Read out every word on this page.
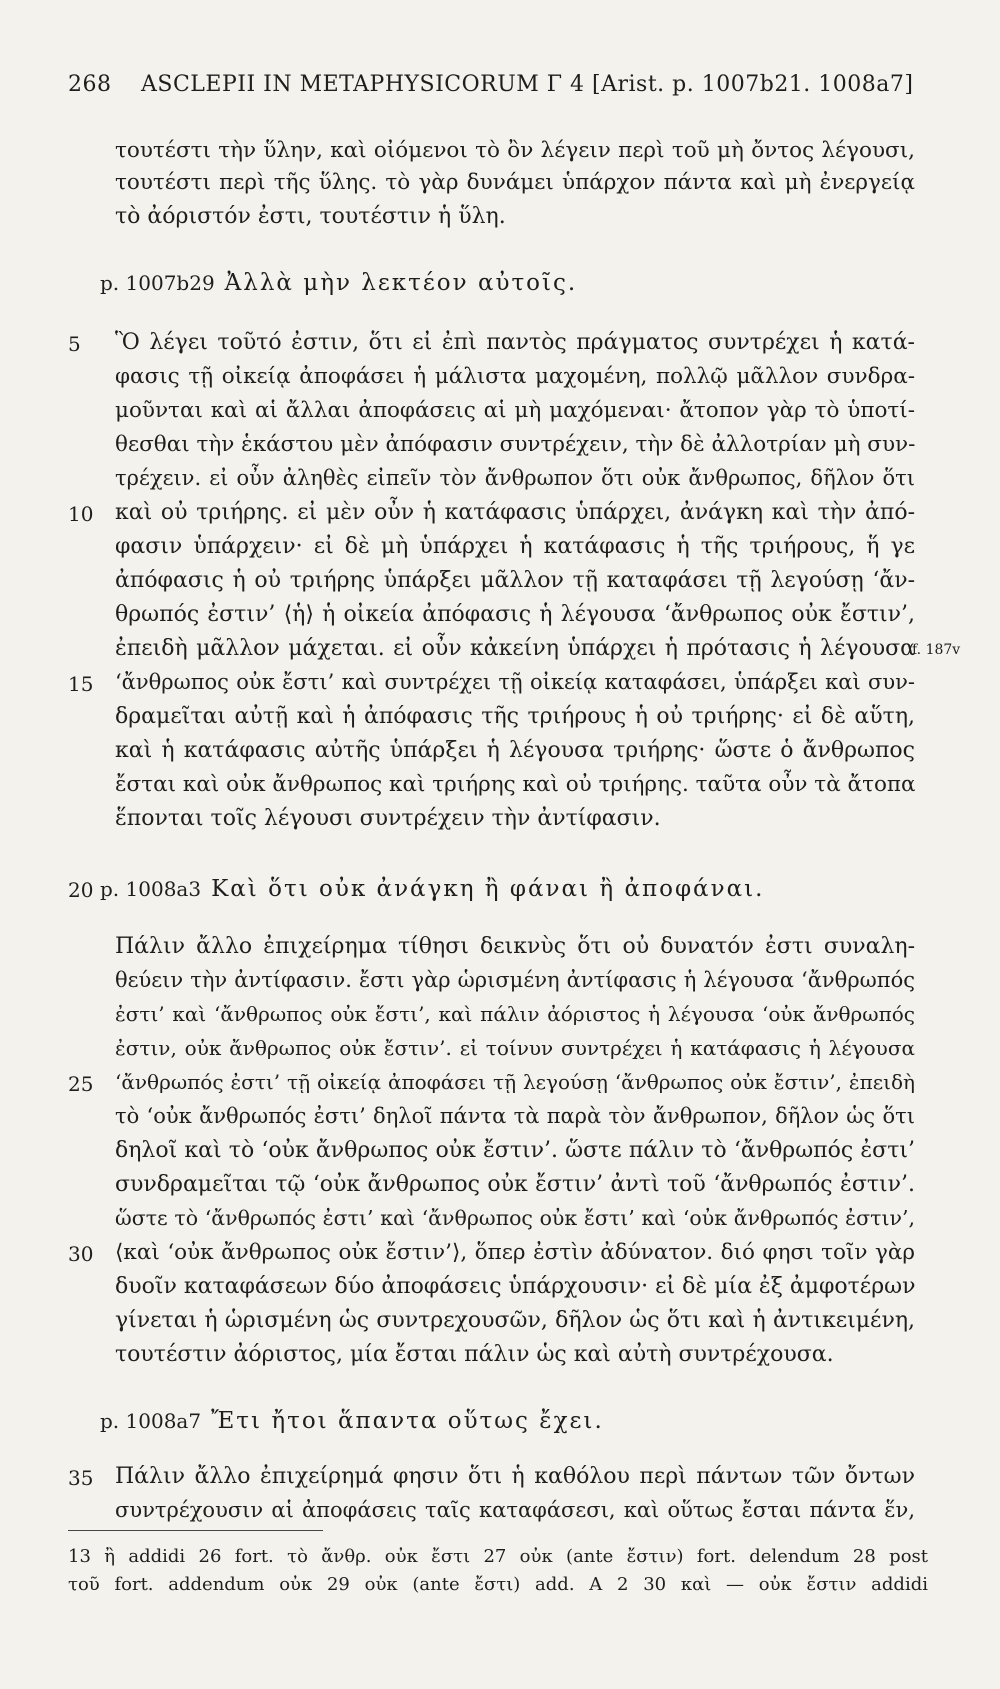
268 ASCLEPII IN METAPHYSICORUM Γ 4 [Arist. p. 1007b21. 1008a7]
τουτέστι τὴν ὕλην, καὶ οἰόμενοι τὸ ὂν λέγειν περὶ τοῦ μὴ ὄντος λέγουσι,
τουτέστι περὶ τῆς ὕλης. τὸ γὰρ δυνάμει ὑπάρχον πάντα καὶ μὴ ἐνεργείᾳ
τὸ ἀόριστόν ἐστι, τουτέστιν ἡ ὕλη.
p. 1007b29 Ἀλλὰ μὴν λεκτέον αὐτοῖς.
5	Ὃ λέγει τοῦτό ἐστιν, ὅτι εἰ ἐπὶ παντὸς πράγματος συντρέχει ἡ κατά-
φασις τῇ οἰκείᾳ ἀποφάσει ἡ μάλιστα μαχομένη, πολλῷ μᾶλλον συνδρα-
μοῦνται καὶ αἱ ἄλλαι ἀποφάσεις αἱ μὴ μαχόμεναι· ἄτοπον γὰρ τὸ ὑποτί-
θεσθαι τὴν ἑκάστου μὲν ἀπόφασιν συντρέχειν, τὴν δὲ ἀλλοτρίαν μὴ συν-
τρέχειν. εἰ οὖν ἀληθὲς εἰπεῖν τὸν ἄνθρωπον ὅτι οὐκ ἄνθρωπος, δῆλον ὅτι
10 καὶ οὐ τριήρης. εἰ μὲν οὖν ἡ κατάφασις ὑπάρχει, ἀνάγκη καὶ τὴν ἀπό-
φασιν ὑπάρχειν· εἰ δὲ μὴ ὑπάρχει ἡ κατάφασις ἡ τῆς τριήρους, ἥ γε
ἀπόφασις ἡ οὐ τριήρης ὑπάρξει μᾶλλον τῇ καταφάσει τῇ λεγούσῃ ‘ἄν-
θρωπός ἐστιν’ ⟨ἡ⟩ ἡ οἰκεία ἀπόφασις ἡ λέγουσα ‘ἄνθρωπος οὐκ ἔστιν’,
ἐπειδὴ μᾶλλον μάχεται. εἰ οὖν κἀκείνη ὑπάρχει ἡ πρότασις ἡ λέγουσα
f. 187v
15	‘ἄνθρωπος οὐκ ἔστι’ καὶ συντρέχει τῇ οἰκείᾳ καταφάσει, ὑπάρξει καὶ συν-
δραμεῖται αὐτῇ καὶ ἡ ἀπόφασις τῆς τριήρους ἡ οὐ τριήρης· εἰ δὲ αὕτη,
καὶ ἡ κατάφασις αὐτῆς ὑπάρξει ἡ λέγουσα τριήρης· ὥστε ὁ ἄνθρωπος
ἔσται καὶ οὐκ ἄνθρωπος καὶ τριήρης καὶ οὐ τριήρης. ταῦτα οὖν τὰ ἄτοπα
ἕπονται τοῖς λέγουσι συντρέχειν τὴν ἀντίφασιν.
20 p. 1008a3 Καὶ ὅτι οὐκ ἀνάγκη ἢ φάναι ἢ ἀποφάναι.
Πάλιν ἄλλο ἐπιχείρημα τίθησι δεικνὺς ὅτι οὐ δυνατόν ἐστι συναλη-
θεύειν τὴν ἀντίφασιν. ἔστι γὰρ ὡρισμένη ἀντίφασις ἡ λέγουσα ‘ἄνθρωπός
ἐστι’ καὶ ‘ἄνθρωπος οὐκ ἔστι’, καὶ πάλιν ἀόριστος ἡ λέγουσα ‘οὐκ ἄνθρωπός
ἐστιν, οὐκ ἄνθρωπος οὐκ ἔστιν’. εἰ τοίνυν συντρέχει ἡ κατάφασις ἡ λέγουσα
25	‘ἄνθρωπός ἐστι’ τῇ οἰκείᾳ ἀποφάσει τῇ λεγούσῃ ‘ἄνθρωπος οὐκ ἔστιν’, ἐπειδὴ
τὸ ‘οὐκ ἄνθρωπός ἐστι’ δηλοῖ πάντα τὰ παρὰ τὸν ἄνθρωπον, δῆλον ὡς ὅτι
δηλοῖ καὶ τὸ ‘οὐκ ἄνθρωπος οὐκ ἔστιν’. ὥστε πάλιν τὸ ‘ἄνθρωπός ἐστι’
συνδραμεῖται τῷ ‘οὐκ ἄνθρωπος οὐκ ἔστιν’ ἀντὶ τοῦ ‘ἄνθρωπός ἐστιν’.
ὥστε τὸ ‘ἄνθρωπός ἐστι’ καὶ ‘ἄνθρωπος οὐκ ἔστι’ καὶ ‘οὐκ ἄνθρωπός ἐστιν’,
30	⟨καὶ ‘οὐκ ἄνθρωπος οὐκ ἔστιν’⟩, ὅπερ ἐστὶν ἀδύνατον. διό φησι τοῖν γὰρ
δυοῖν καταφάσεων δύο ἀποφάσεις ὑπάρχουσιν· εἰ δὲ μία ἐξ ἀμφοτέρων
γίνεται ἡ ὡρισμένη ὡς συντρεχουσῶν, δῆλον ὡς ὅτι καὶ ἡ ἀντικειμένη,
τουτέστιν ἀόριστος, μία ἔσται πάλιν ὡς καὶ αὐτὴ συντρέχουσα.
p. 1008a7 Ἔτι ἤτοι ἅπαντα οὕτως ἔχει.
35 Πάλιν ἄλλο ἐπιχείρημά φησιν ὅτι ἡ καθόλου περὶ πάντων τῶν ὄντων
συντρέχουσιν αἱ ἀποφάσεις ταῖς καταφάσεσι, καὶ οὕτως ἔσται πάντα ἕν,
13 ἢ addidi 26 fort. τὸ ἄνθρ. οὐκ ἔστι 27 οὐκ (ante ἔστιν) fort. delendum 28 post
τοῦ fort. addendum οὐκ 29 οὐκ (ante ἔστι) add. A 2 30 καὶ — οὐκ ἔστιν addidi
